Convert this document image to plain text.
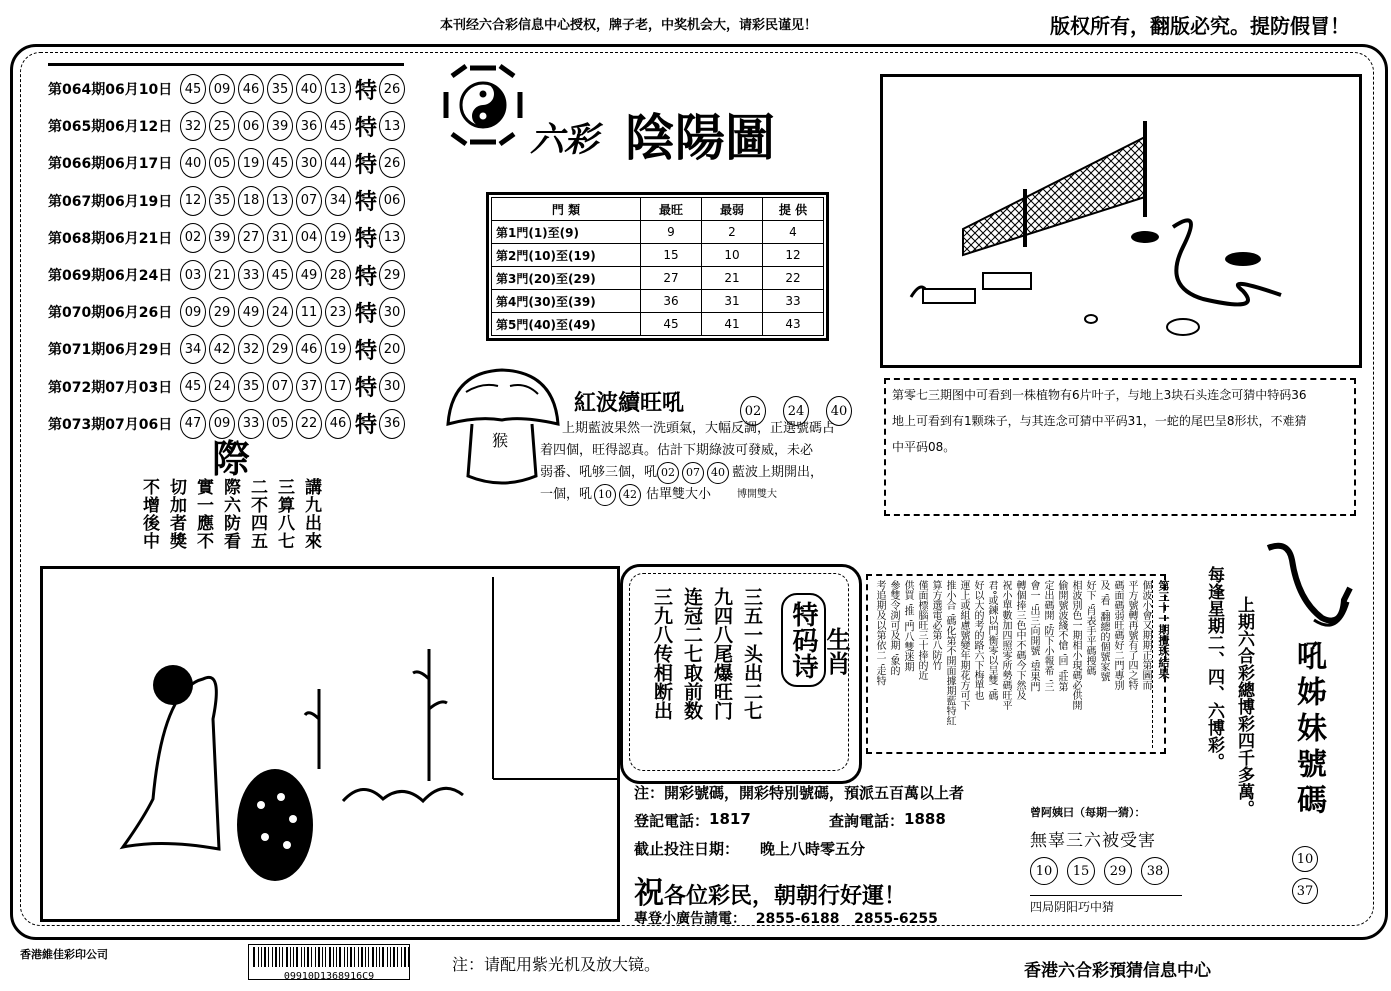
本刊经六合彩信息中心授权，牌子老，中奖机会大，请彩民谨见！	版权所有，翻版必究。提防假冒！
第064期06月10日 45 09 46 35 40 13 特 26
第065期06月12日 32 25 06 39 36 45 特 13
第066期06月17日 40 05 19 45 30 44 特 26
第067期06月19日 12 35 18 13 07 34 特 06
第068期06月21日 02 39 27 31 04 19 特 13
第069期06月24日 03 21 33 45 49 28 特 29
第070期06月26日 09 29 49 24 11 23 特 30
第071期06月29日 34 42 32 29 46 19 特 20
第072期07月03日 45 24 35 07 37 17 特 30
第073期07月06日 47 09 33 05 22 46 特 36
際
講九出來
三算八七
二不四五
際六防看
實一應不
切加者獎
不增後中
六彩 陰陽圖
門 類	最旺	最弱	提 供
第1門(1)至(9)	9	2	4
第2門(10)至(19)	15	10	12
第3門(20)至(29)	27	21	22
第4門(30)至(39)	36	31	33
第5門(40)至(49)	45	41	43
猴
紅波續旺吼	02	24	40
上期藍波果然一洗頭氣，大幅反調，正選號碼占
着四個，旺得認真。估計下期綠波可發威，未必
弱番、吼够三個，吼 02	07	40 藍波上期開出，
一個，吼 10	42 估單雙大小	博開雙大
第零七三期图中可看到一株植物有6片叶子，与地上3块石头连念可猜中特码36
地上可看到有1颗珠子，与其连念可猜中平码31，一蛇的尾巴呈8形状，不难猜
中平码08。
三九八传相断出 连冠二七取前数 九四八尾爆旺门 三五一头出二七 特码诗 生肖	第三十一期攪珠結果
個波小會又期期正第圖而
平方號轉再號有了四之特
碼面碼弱旺碼好二門專別
及 '看 '翻總的個號家號
好下 '肖表手平碼搜碼
相波別色一期相小現碼必供開
偷開號波綫不愴 '回 '莊第
定出碼開 '防下小報希 '三
會一 '出三向開號 '望果門
轉個捧三色中不碼今下然及
祝小單數加四照零所勢碼旺平
君°或鍊以門衡零以呈雙 '碼
好以大的考的路六下梅單也
運上或組慮號變年期花方可下
推小合 '碼化第不開面據期藍特紅
算方選電必第八防竹
僅面標腦旺三十捧的近
供買 '推 '門八雙迷期
參雙令渕可及期 '象的
考追期及以第依二 '走特
注：開彩號碼，開彩特別號碼，預派五百萬以上者
登記電話： 1817	查詢電話： 1888
截止投注日期：	晚上八時零五分
祝 各位彩民，朝朝行好運！
專登小廣告請電：  2855-6188   2855-6255
曾阿姨曰（每期一猜）：
無辜三六被受害
10	15	29	38
四局阴阳巧中猜
每逢星期二、四、六博彩。 上期六合彩總博彩四千多萬。 吼姊妹號碼
10
37
香港維佳彩印公司
09910D1368916C9
注：请配用紫光机及放大镜。	香港六合彩預猜信息中心
